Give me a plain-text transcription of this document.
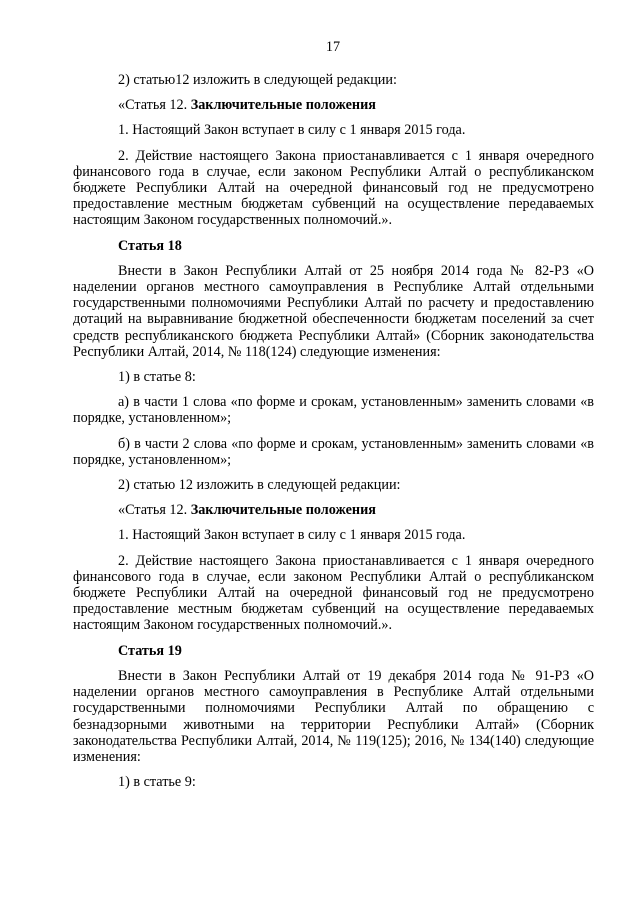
17

2) статью12 изложить в следующей редакции:

«Статья 12. Заключительные положения

1. Настоящий Закон вступает в силу с 1 января 2015 года.

2. Действие настоящего Закона приостанавливается с 1 января очередного финансового года в случае, если законом Республики Алтай о республиканском бюджете Республики Алтай на очередной финансовый год не предусмотрено предоставление местным бюджетам субвенций на осуществление передаваемых настоящим Законом государственных полномочий.».

Статья 18

Внести в Закон Республики Алтай от 25 ноября 2014 года № 82-РЗ «О наделении органов местного самоуправления в Республике Алтай отдельными государственными полномочиями Республики Алтай по расчету и предоставлению дотаций на выравнивание бюджетной обеспеченности бюджетам поселений за счет средств республиканского бюджета Республики Алтай» (Сборник законодательства Республики Алтай, 2014, № 118(124) следующие изменения:

1) в статье 8:

а) в части 1 слова «по форме и срокам, установленным» заменить словами «в порядке, установленном»;

б) в части 2 слова «по форме и срокам, установленным» заменить словами «в порядке, установленном»;

2) статью 12 изложить в следующей редакции:

«Статья 12. Заключительные положения

1. Настоящий Закон вступает в силу с 1 января 2015 года.

2. Действие настоящего Закона приостанавливается с 1 января очередного финансового года в случае, если законом Республики Алтай о республиканском бюджете Республики Алтай на очередной финансовый год не предусмотрено предоставление местным бюджетам субвенций на осуществление передаваемых настоящим Законом государственных полномочий.».

Статья 19

Внести в Закон Республики Алтай от 19 декабря 2014 года № 91-РЗ «О наделении органов местного самоуправления в Республике Алтай отдельными государственными полномочиями Республики Алтай по обращению с безнадзорными животными на территории Республики Алтай» (Сборник законодательства Республики Алтай, 2014, № 119(125); 2016, № 134(140) следующие изменения:

1) в статье 9:
